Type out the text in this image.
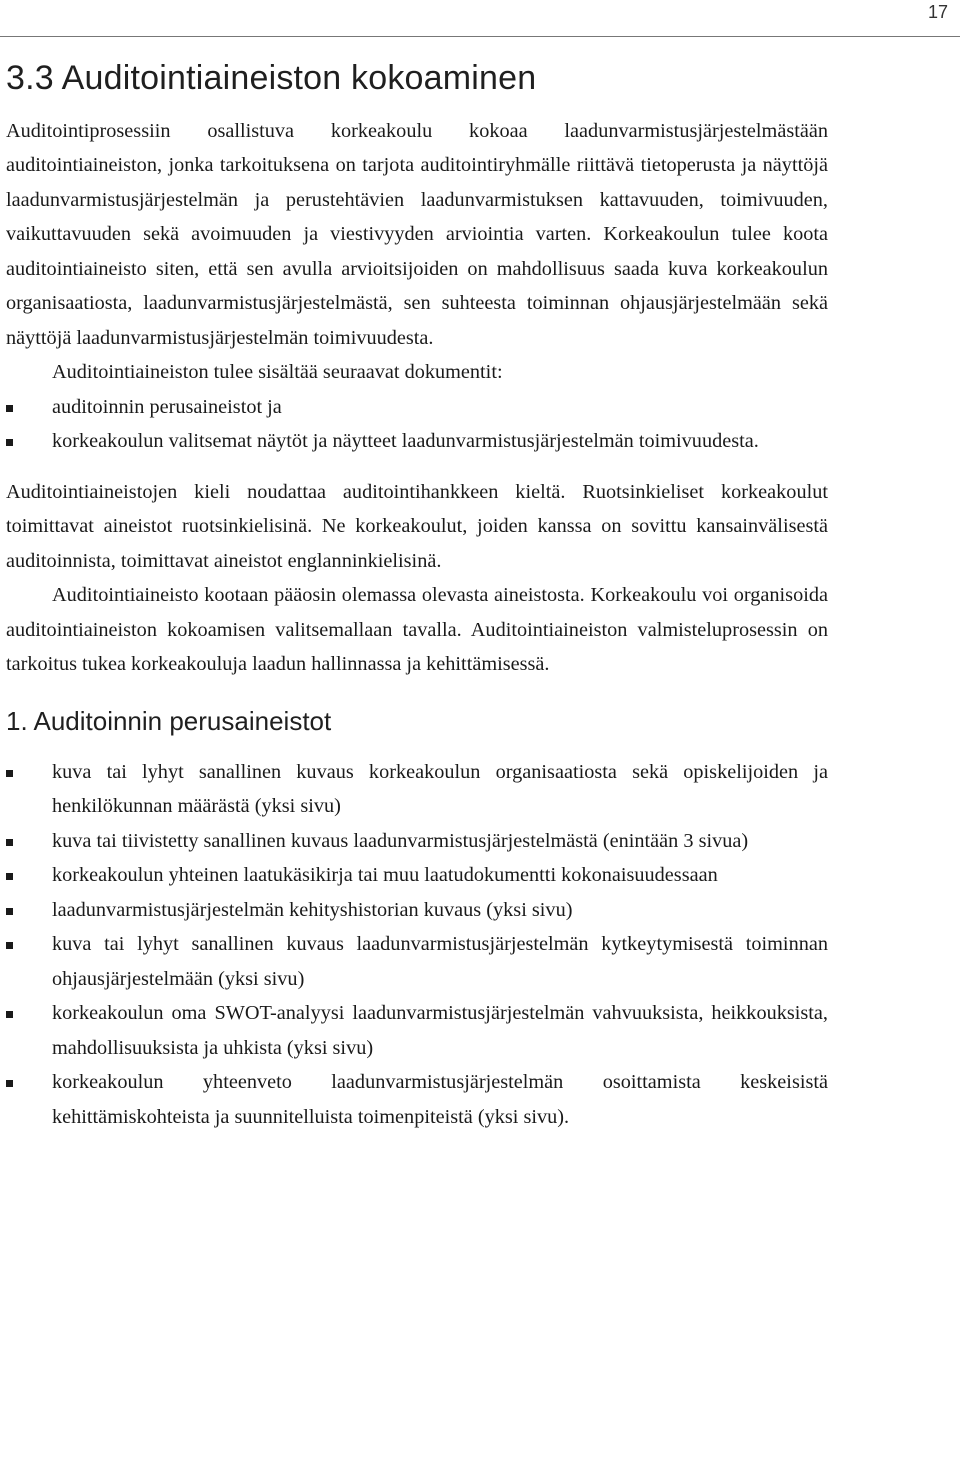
17
3.3 Auditointiaineiston kokoaminen

Auditointiprosessiin osallistuva korkeakoulu kokoaa laadunvarmistusjärjestelmästään auditointiaineiston, jonka tarkoituksena on tarjota auditointiryhmälle riittävä tietoperusta ja näyttöjä laadunvarmistusjärjestelmän ja perustehtävien laadunvarmistuksen kattavuuden, toimivuuden, vaikuttavuuden sekä avoimuuden ja viestivyyden arviointia varten. Korkeakoulun tulee koota auditointiaineisto siten, että sen avulla arvioitsijoiden on mahdollisuus saada kuva korkeakoulun organisaatiosta, laadunvarmistusjärjestelmästä, sen suhteesta toiminnan ohjausjärjestelmään sekä näyttöjä laadunvarmistusjärjestelmän toimivuudesta.

Auditointiaineiston tulee sisältää seuraavat dokumentit:

auditoinnin perusaineistot ja
korkeakoulun valitsemat näytöt ja näytteet laadunvarmistusjärjestelmän toimivuudesta.

Auditointiaineistojen kieli noudattaa auditointihankkeen kieltä. Ruotsinkieliset korkeakoulut toimittavat aineistot ruotsinkielisinä. Ne korkeakoulut, joiden kanssa on sovittu kansainvälisestä auditoinnista, toimittavat aineistot englanninkielisinä.

Auditointiaineisto kootaan pääosin olemassa olevasta aineistosta. Korkeakoulu voi organisoida auditointiaineiston kokoamisen valitsemallaan tavalla. Auditointiaineiston valmisteluprosessin on tarkoitus tukea korkeakouluja laadun hallinnassa ja kehittämisessä.

1. Auditoinnin perusaineistot
kuva tai lyhyt sanallinen kuvaus korkeakoulun organisaatiosta sekä opiskelijoiden ja henkilökunnan määrästä (yksi sivu)
kuva tai tiivistetty sanallinen kuvaus laadunvarmistusjärjestelmästä (enintään 3 sivua)
korkeakoulun yhteinen laatukäsikirja tai muu laatudokumentti kokonaisuudessaan
laadunvarmistusjärjestelmän kehityshistorian kuvaus (yksi sivu)
kuva tai lyhyt sanallinen kuvaus laadunvarmistusjärjestelmän kytkeytymisestä toiminnan ohjausjärjestelmään (yksi sivu)
korkeakoulun oma SWOT-analyysi laadunvarmistusjärjestelmän vahvuuksista, heikkouksista, mahdollisuuksista ja uhkista (yksi sivu)
korkeakoulun yhteenveto laadunvarmistusjärjestelmän osoittamista keskeisistä kehittämiskohteista ja suunnitelluista toimenpiteistä (yksi sivu).
